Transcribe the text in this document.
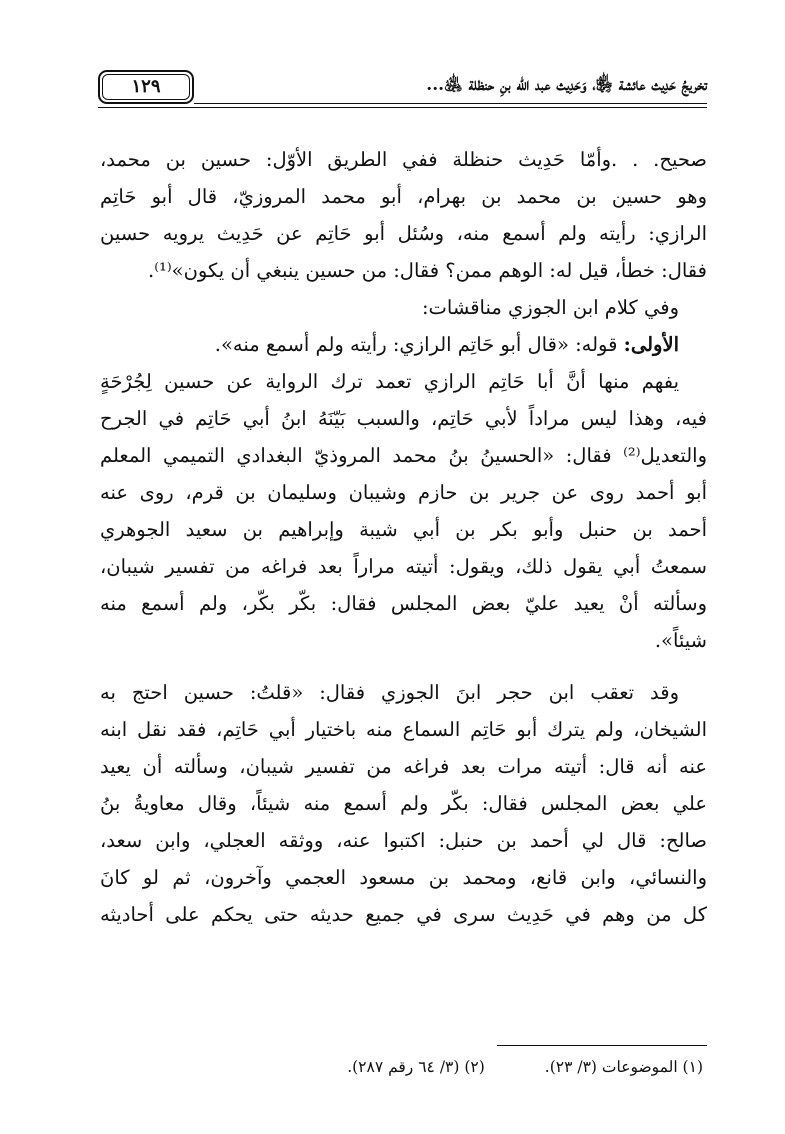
تخريجُ حَدِيث عائشة ﵂، وَحَدِيث عبد الله بنِ حنظلة ﵁...
١٢٩
صحيح. . .وأمّا حَدِيث حنظلة ففي الطريق الأوّل: حسين بن محمد،
وهو حسين بن محمد بن بهرام، أبو محمد المروزيّ، قال أبو حَاتِم
الرازي: رأيته ولم أسمع منه، وسُئل أبو حَاتِم عن حَدِيث يرويه حسين
فقال: خطأ، قيل له: الوهم ممن؟ فقال: من حسين ينبغي أن يكون»⁽¹⁾.
وفي كلام ابن الجوزي مناقشات:
الأولى: قوله: «قال أبو حَاتِم الرازي: رأيته ولم أسمع منه».
يفهم منها أنَّ أبا حَاتِم الرازي تعمد ترك الرواية عن حسين لِجُرْحَةٍ
فيه، وهذا ليس مراداً لأبي حَاتِم، والسبب بَيّنَهُ ابنُ أبي حَاتِم في الجرح
والتعديل⁽²⁾ فقال: «الحسينُ بنُ محمد المروذيّ البغدادي التميمي المعلم
أبو أحمد روى عن جرير بن حازم وشيبان وسليمان بن قرم، روى عنه
أحمد بن حنبل وأبو بكر بن أبي شيبة وإبراهيم بن سعيد الجوهري
سمعتُ أبي يقول ذلك، ويقول: أتيته مراراً بعد فراغه من تفسير شيبان،
وسألته أنْ يعيد عليّ بعض المجلس فقال: بكّر بكّر، ولم أسمع منه
شيئاً».
وقد تعقب ابن حجر ابنَ الجوزي فقال: «قلتُ: حسين احتج به
الشيخان، ولم يترك أبو حَاتِم السماع منه باختيار أبي حَاتِم، فقد نقل ابنه
عنه أنه قال: أتيته مرات بعد فراغه من تفسير شيبان، وسألته أن يعيد
علي بعض المجلس فقال: بكّر ولم أسمع منه شيئاً، وقال معاويةُ بنُ
صالح: قال لي أحمد بن حنبل: اكتبوا عنه، ووثقه العجلي، وابن سعد،
والنسائي، وابن قانع، ومحمد بن مسعود العجمي وآخرون، ثم لو كانَ
كل من وهم في حَدِيث سرى في جميع حديثه حتى يحكم على أحاديثه
(١) الموضوعات (٣/ ٢٣).(٢) (٣/ ٦٤ رقم ٢٨٧).
